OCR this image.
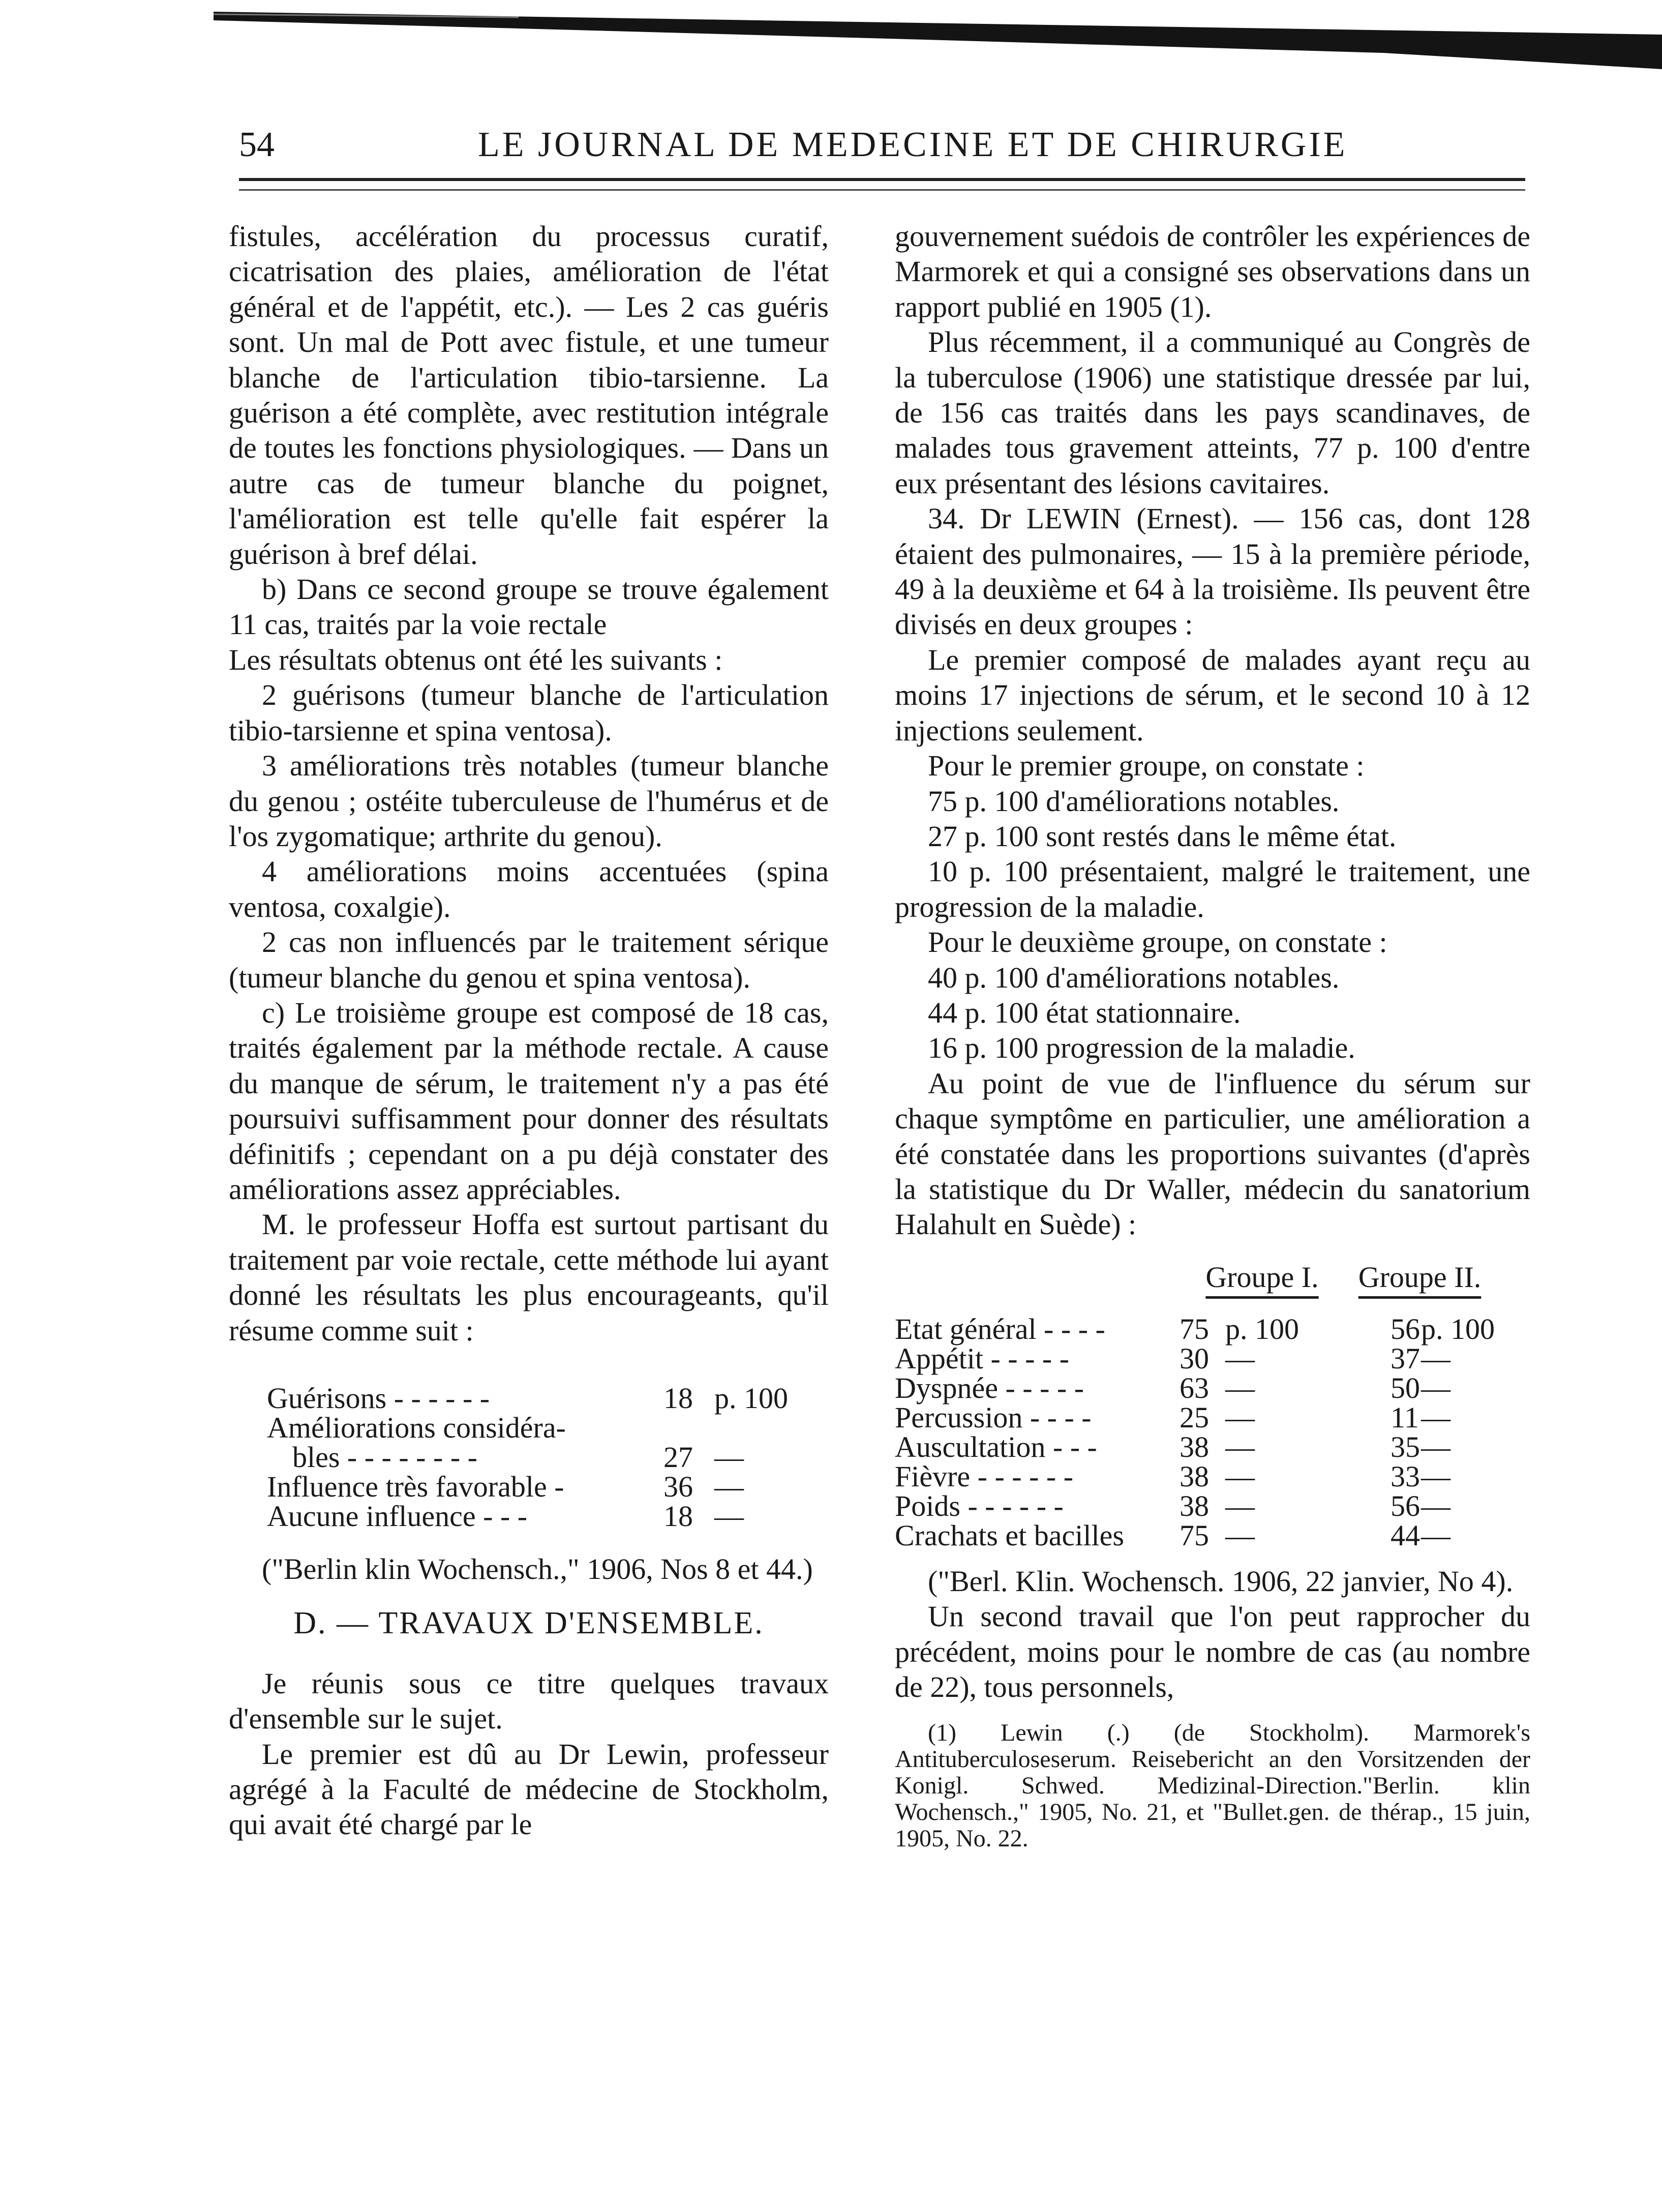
54	LE JOURNAL DE MEDECINE ET DE CHIRURGIE

fistules, accélération du processus curatif, cicatrisation des plaies, amélioration de l'état général et de l'appétit, etc.). — Les 2 cas guéris sont. Un mal de Pott avec fistule, et une tumeur blanche de l'articulation tibio-tarsienne. La guérison a été complète, avec restitution intégrale de toutes les fonctions physiologiques. — Dans un autre cas de tumeur blanche du poignet, l'amélioration est telle qu'elle fait espérer la guérison à bref délai.

b) Dans ce second groupe se trouve également 11 cas, traités par la voie rectale

Les résultats obtenus ont été les suivants :

2 guérisons (tumeur blanche de l'articulation tibio-tarsienne et spina ventosa).

3 améliorations très notables (tumeur blanche du genou ; ostéite tuberculeuse de l'humérus et de l'os zygomatique; arthrite du genou).

4 améliorations moins accentuées (spina ventosa, coxalgie).

2 cas non influencés par le traitement sérique (tumeur blanche du genou et spina ventosa).

c) Le troisième groupe est composé de 18 cas, traités également par la méthode rectale. A cause du manque de sérum, le traitement n'y a pas été poursuivi suffisamment pour donner des résultats définitifs ; cependant on a pu déjà constater des améliorations assez appréciables.

M. le professeur Hoffa est surtout partisant du traitement par voie rectale, cette méthode lui ayant donné les résultats les plus encourageants, qu'il résume comme suit :

Guérisons - - - - - -	18	p. 100
Améliorations considéra-		
bles - - - - - - - -	27	—
Influence très favorable -	36	—
Aucune influence - - -	18	—

("Berlin klin Wochensch.," 1906, Nos 8 et 44.)

D. — TRAVAUX D'ENSEMBLE.

Je réunis sous ce titre quelques travaux d'ensemble sur le sujet.

Le premier est dû au Dr Lewin, professeur agrégé à la Faculté de médecine de Stockholm, qui avait été chargé par le

gouvernement suédois de contrôler les expériences de Marmorek et qui a consigné ses observations dans un rapport publié en 1905 (1).

Plus récemment, il a communiqué au Congrès de la tuberculose (1906) une statistique dressée par lui, de 156 cas traités dans les pays scandinaves, de malades tous gravement atteints, 77 p. 100 d'entre eux présentant des lésions cavitaires.

34. Dr LEWIN (Ernest). — 156 cas, dont 128 étaient des pulmonaires, — 15 à la première période, 49 à la deuxième et 64 à la troisième. Ils peuvent être divisés en deux groupes :

Le premier composé de malades ayant reçu au moins 17 injections de sérum, et le second 10 à 12 injections seulement.

Pour le premier groupe, on constate :

75 p. 100 d'améliorations notables.

27 p. 100 sont restés dans le même état.

10 p. 100 présentaient, malgré le traitement, une progression de la maladie.

Pour le deuxième groupe, on constate :

40 p. 100 d'améliorations notables.

44 p. 100 état stationnaire.

16 p. 100 progression de la maladie.

Au point de vue de l'influence du sérum sur chaque symptôme en particulier, une amélioration a été constatée dans les proportions suivantes (d'après la statistique du Dr Waller, médecin du sanatorium Halahult en Suède) :

	Groupe I.		Groupe II.	
Etat général - - - -	75	p. 100	56	p. 100
Appétit - - - - -	30	—	37	—
Dyspnée - - - - -	63	—	50	—
Percussion - - - -	25	—	11	—
Auscultation - - -	38	—	35	—
Fièvre - - - - - -	38	—	33	—
Poids - - - - - -	38	—	56	—
Crachats et bacilles	75	—	44	—

("Berl. Klin. Wochensch. 1906, 22 janvier, No 4).

Un second travail que l'on peut rapprocher du précédent, moins pour le nombre de cas (au nombre de 22), tous personnels,

(1) Lewin (.) (de Stockholm). Marmorek's Antituberculoseserum. Reisebericht an den Vorsitzenden der Konigl. Schwed. Medizinal-Direction."Berlin. klin Wochensch.," 1905, No. 21, et "Bullet.gen. de thérap., 15 juin, 1905, No. 22.
